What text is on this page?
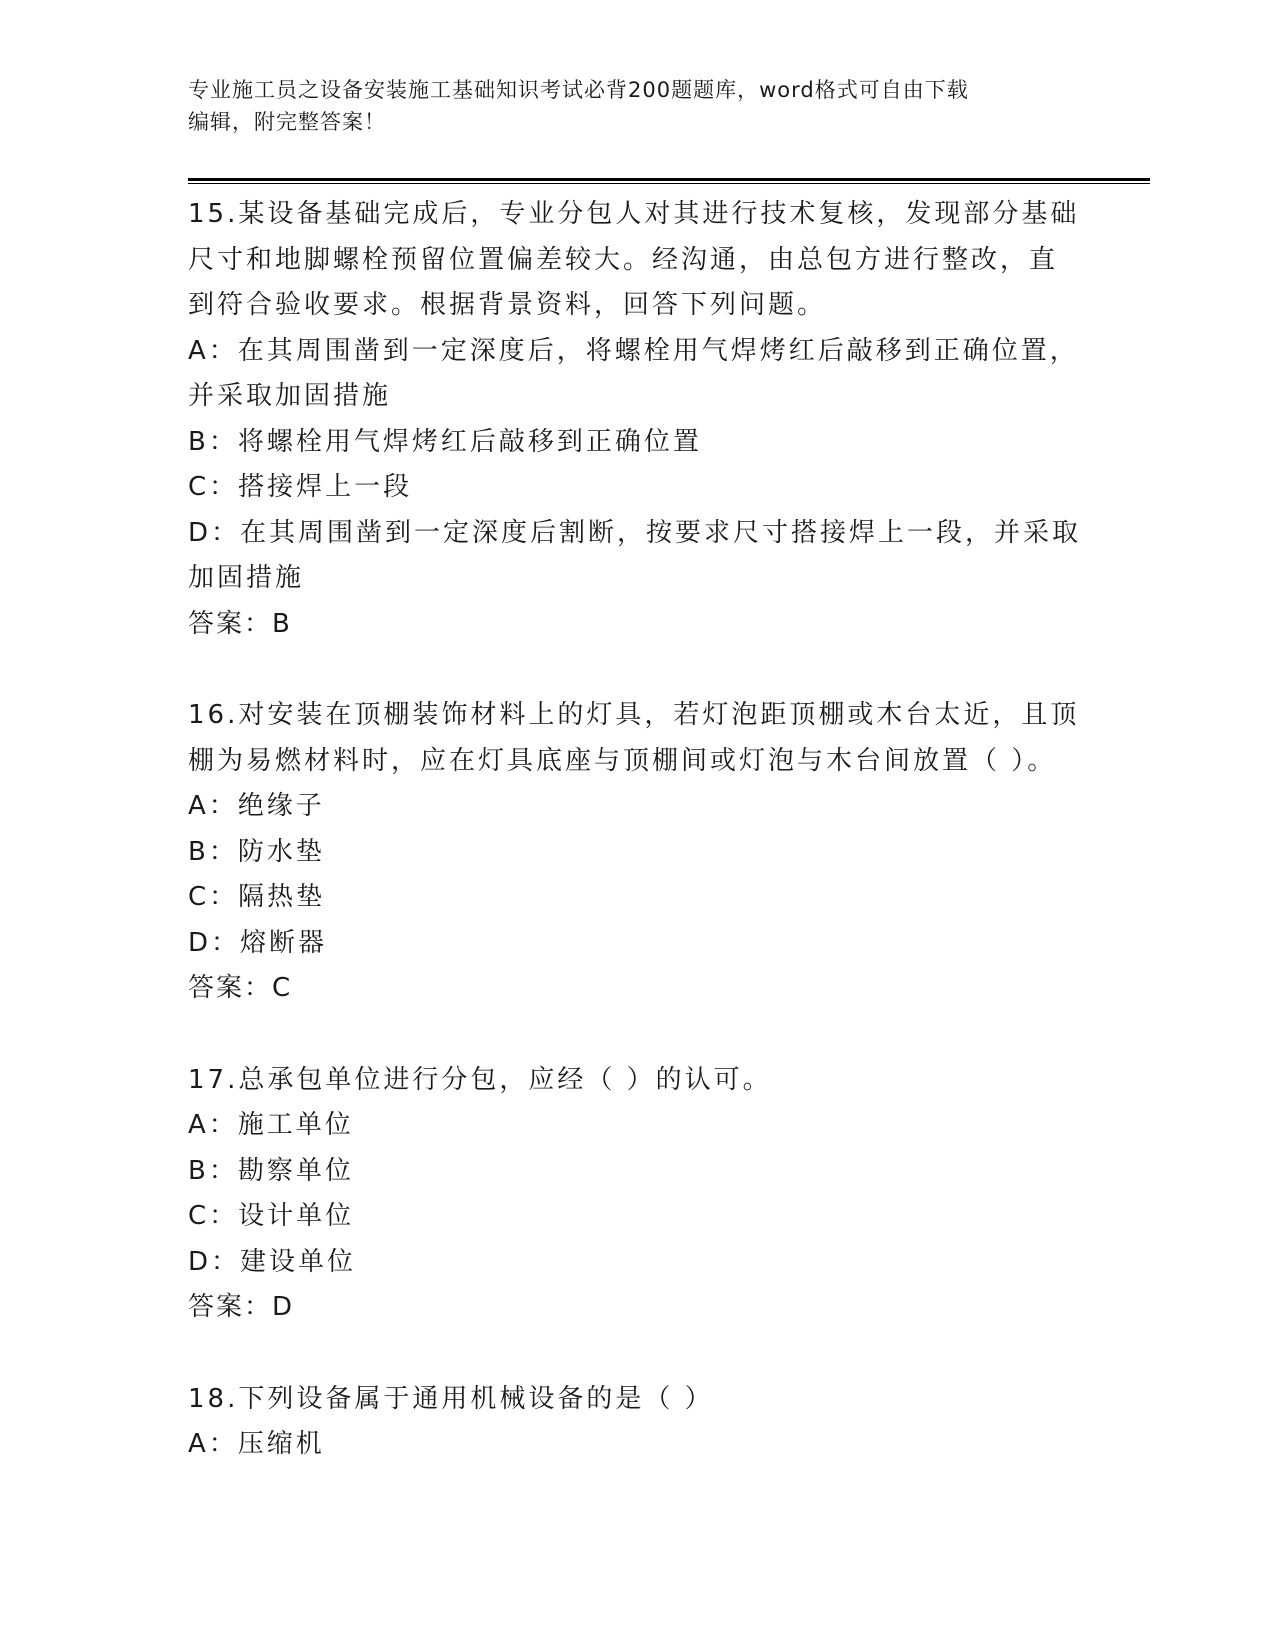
专业施工员之设备安装施工基础知识考试必背200题题库，word格式可自由下载
编辑，附完整答案！

15.某设备基础完成后，专业分包人对其进行技术复核，发现部分基础

尺寸和地脚螺栓预留位置偏差较大。经沟通，由总包方进行整改，直

到符合验收要求。根据背景资料，回答下列问题。

A：在其周围凿到一定深度后，将螺栓用气焊烤红后敲移到正确位置，

并采取加固措施

B：将螺栓用气焊烤红后敲移到正确位置

C：搭接焊上一段

D：在其周围凿到一定深度后割断，按要求尺寸搭接焊上一段，并采取

加固措施

答案：B

16.对安装在顶棚装饰材料上的灯具，若灯泡距顶棚或木台太近，且顶

棚为易燃材料时，应在灯具底座与顶棚间或灯泡与木台间放置（ ）。

A：绝缘子

B：防水垫

C：隔热垫

D：熔断器

答案：C

17.总承包单位进行分包，应经（ ）的认可。

A：施工单位

B：勘察单位

C：设计单位

D：建设单位

答案：D

18.下列设备属于通用机械设备的是（ ）

A：压缩机
